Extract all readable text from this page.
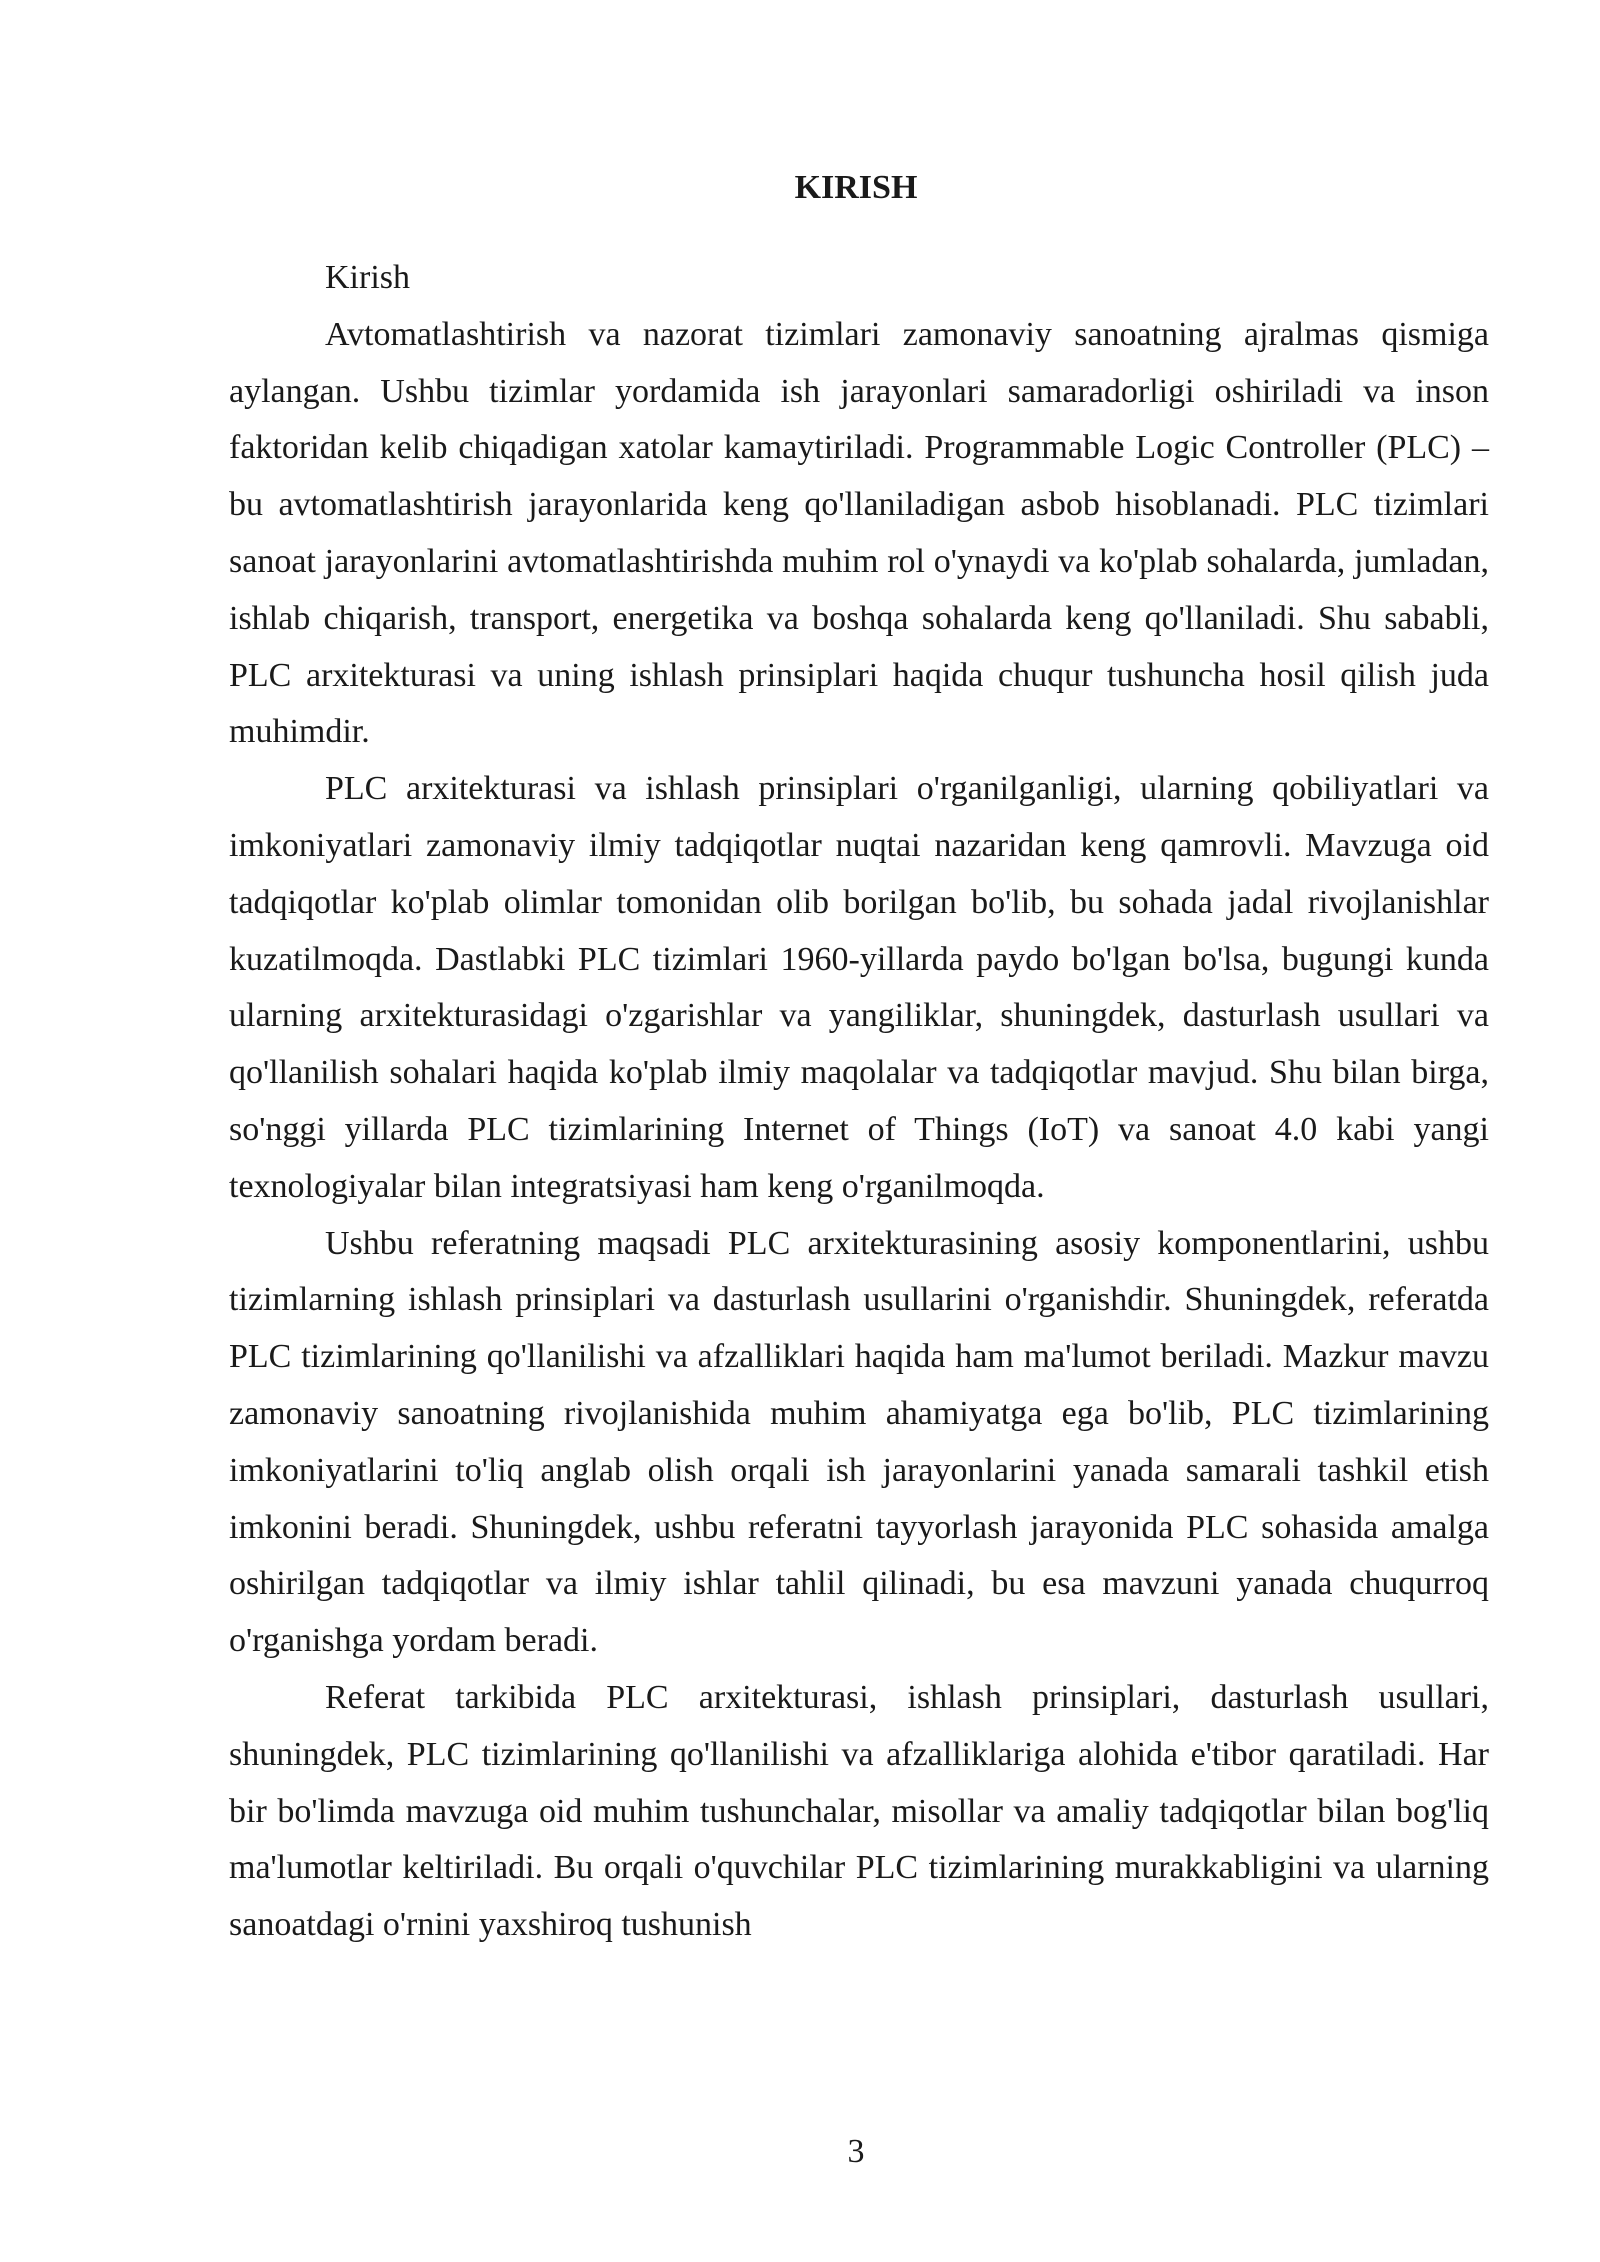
KIRISH

Kirish

Avtomatlashtirish va nazorat tizimlari zamonaviy sanoatning ajralmas qismiga aylangan. Ushbu tizimlar yordamida ish jarayonlari samaradorligi oshiriladi va inson faktoridan kelib chiqadigan xatolar kamaytiriladi. Programmable Logic Controller (PLC) – bu avtomatlashtirish jarayonlarida keng qo'llaniladigan asbob hisoblanadi. PLC tizimlari sanoat jarayonlarini avtomatlashtirishda muhim rol o'ynaydi va ko'plab sohalarda, jumladan, ishlab chiqarish, transport, energetika va boshqa sohalarda keng qo'llaniladi. Shu sababli, PLC arxitekturasi va uning ishlash prinsiplari haqida chuqur tushuncha hosil qilish juda muhimdir.

PLC arxitekturasi va ishlash prinsiplari o'rganilganligi, ularning qobiliyatlari va imkoniyatlari zamonaviy ilmiy tadqiqotlar nuqtai nazaridan keng qamrovli. Mavzuga oid tadqiqotlar ko'plab olimlar tomonidan olib borilgan bo'lib, bu sohada jadal rivojlanishlar kuzatilmoqda. Dastlabki PLC tizimlari 1960-yillarda paydo bo'lgan bo'lsa, bugungi kunda ularning arxitekturasidagi o'zgarishlar va yangiliklar, shuningdek, dasturlash usullari va qo'llanilish sohalari haqida ko'plab ilmiy maqolalar va tadqiqotlar mavjud. Shu bilan birga, so'nggi yillarda PLC tizimlarining Internet of Things (IoT) va sanoat 4.0 kabi yangi texnologiyalar bilan integratsiyasi ham keng o'rganilmoqda.

Ushbu referatning maqsadi PLC arxitekturasining asosiy komponentlarini, ushbu tizimlarning ishlash prinsiplari va dasturlash usullarini o'rganishdir. Shuningdek, referatda PLC tizimlarining qo'llanilishi va afzalliklari haqida ham ma'lumot beriladi. Mazkur mavzu zamonaviy sanoatning rivojlanishida muhim ahamiyatga ega bo'lib, PLC tizimlarining imkoniyatlarini to'liq anglab olish orqali ish jarayonlarini yanada samarali tashkil etish imkonini beradi. Shuningdek, ushbu referatni tayyorlash jarayonida PLC sohasida amalga oshirilgan tadqiqotlar va ilmiy ishlar tahlil qilinadi, bu esa mavzuni yanada chuqurroq o'rganishga yordam beradi.

Referat tarkibida PLC arxitekturasi, ishlash prinsiplari, dasturlash usullari, shuningdek, PLC tizimlarining qo'llanilishi va afzalliklariga alohida e'tibor qaratiladi. Har bir bo'limda mavzuga oid muhim tushunchalar, misollar va amaliy tadqiqotlar bilan bog'liq ma'lumotlar keltiriladi. Bu orqali o'quvchilar PLC tizimlarining murakkabligini va ularning sanoatdagi o'rnini yaxshiroq tushunish

3
